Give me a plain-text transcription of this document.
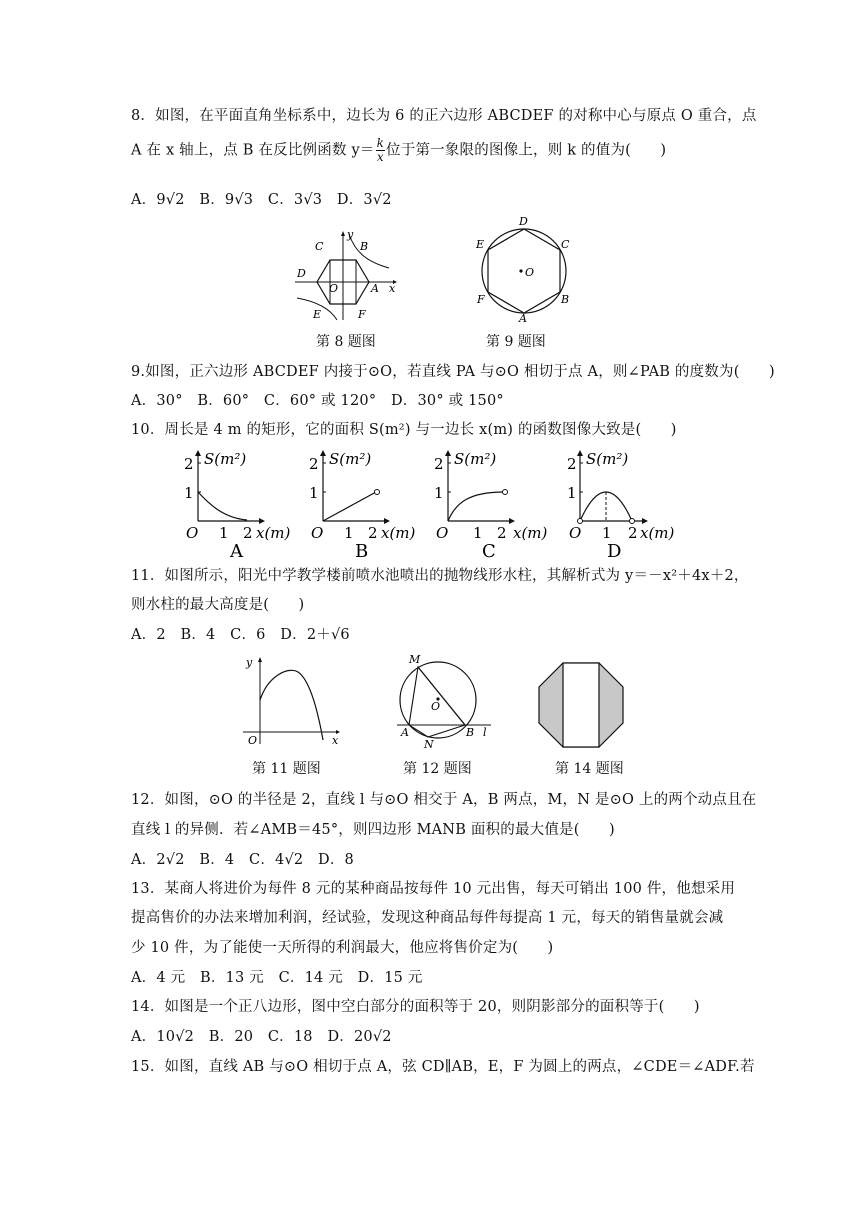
8．如图，在平面直角坐标系中，边长为 6 的正六边形 ABCDEF 的对称中心与原点 O 重合，点
A 在 x 轴上，点 B 在反比例函数 $y= \frac{k}{x}$ 位于第一象限的图像上，则 k 的值为(　　)
A．9√2　B．9√3　C．3√3　D．3√2
y
x
O	A
B
C
D
E	F
第 8 题图
O
D
C
B
A
F
E
第 9 题图
9.如图，正六边形 ABCDEF 内接于⊙O，若直线 PA 与⊙O 相切于点 A，则∠PAB 的度数为(　　)
A．30°　B．60°　C．60° 或 120°　D．30° 或 150°
10．周长是 4 m 的矩形，它的面积 S(m²) 与一边长 x(m) 的函数图像大致是(　　)
S(m²)
2
1
O 1 2 x(m)
A
S(m²)
2
1
O 1 2 x(m)
B
S(m²)
2
1
O 1 2 x(m)
C
S(m²)
2
1
O 1 2 x(m)
D
11．如图所示，阳光中学教学楼前喷水池喷出的抛物线形水柱，其解析式为 y＝－x²＋4x＋2，
则水柱的最大高度是(　　)
A．2　B．4　C．6　D．2＋√6
y
x
O
第 11 题图
O
M
A	B
N
l
第 12 题图	第 14 题图
12．如图，⊙O 的半径是 2，直线 l 与⊙O 相交于 A，B 两点，M，N 是⊙O 上的两个动点且在
直线 l 的异侧．若∠AMB＝45°，则四边形 MANB 面积的最大值是(　　)
A．2√2　B．4　C．4√2　D．8
13．某商人将进价为每件 8 元的某种商品按每件 10 元出售，每天可销出 100 件，他想采用
提高售价的办法来增加利润，经试验，发现这种商品每件每提高 1 元，每天的销售量就会减
少 10 件，为了能使一天所得的利润最大，他应将售价定为(　　)
A．4 元　B．13 元　C．14 元　D．15 元
14．如图是一个正八边形，图中空白部分的面积等于 20，则阴影部分的面积等于(　　)
A．10√2　B．20　C．18　D．20√2
15．如图，直线 AB 与⊙O 相切于点 A，弦 CD∥AB，E，F 为圆上的两点，∠CDE＝∠ADF.若
